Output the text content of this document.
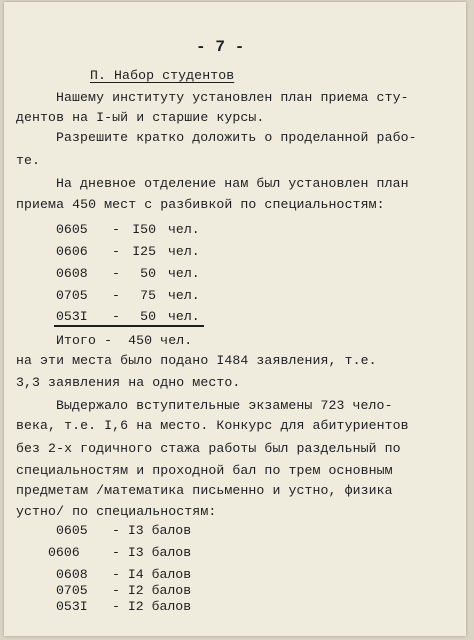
- 7 -
П. Набор студентов
Нашему институту установлен план приема сту-
дентов на I-ый и старшие курсы.
Разрешите кратко доложить о проделанной рабо-
те.
На дневное отделение нам был установлен план
приема 450 мест с разбивкой по специальностям:
0605 - I50 чел.
0606 - I25 чел.
0608 -	50 чел.
0705 -	75 чел.
053I -	50 чел.
Итого -  450 чел.
на эти места было подано I484 заявления, т.е.
3,3 заявления на одно место.
Выдержало вступительные экзамены 723 чело-
века, т.е. I,6 на место. Конкурс для абитуриентов
без 2-х годичного стажа работы был раздельный по
специальностям и проходной бал по трем основным
предметам /математика письменно и устно, физика
устно/ по специальностям:
0605 - I3 балов
0606 - I3 балов
0608 - I4 балов
0705 - I2 балов
053I - I2 балов
